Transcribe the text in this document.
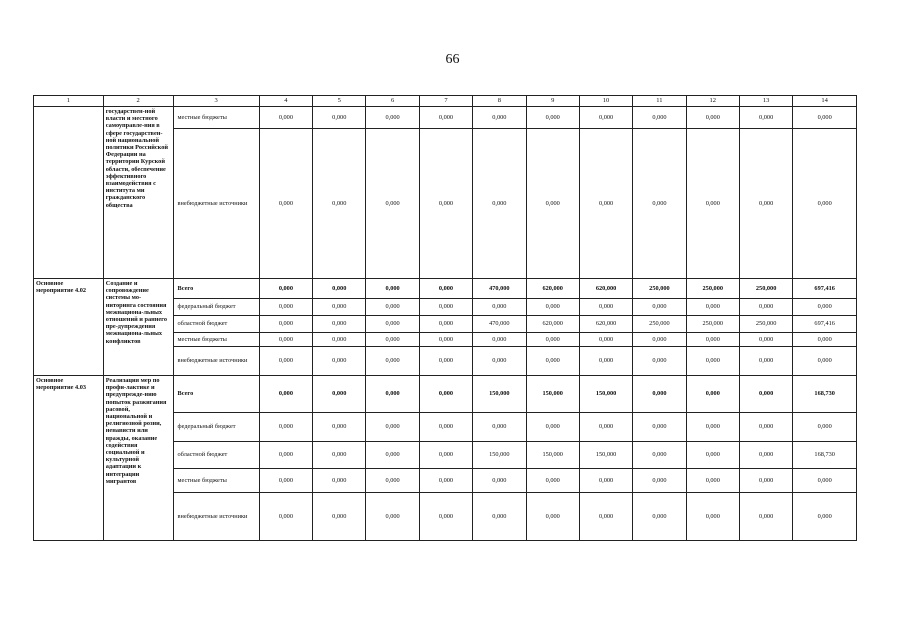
66
1	2	3	4	5	6	7	8	9	10	11	12	13	14
	государствен-ной власти и местного самоуправле-ния в сфере государствен-ной национальной политики Российской Федерации на территории Курской области, обеспечение эффективного взаимодействия с института ми гражданского общества	местные бюджеты	0,000	0,000	0,000	0,000	0,000	0,000	0,000	0,000	0,000	0,000	0,000
		внебюджетные источники	0,000	0,000	0,000	0,000	0,000	0,000	0,000	0,000	0,000	0,000	0,000
Основное мероприятие 4.02	Создание и сопровождение системы мо-ниторинга состояния межнациона-льных отношений и раннего пре-дупреждения межнациона-льных конфликтов	Всего	0,000	0,000	0,000	0,000	470,000	620,000	620,000	250,000	250,000	250,000	697,416
		федеральный бюджет	0,000	0,000	0,000	0,000	0,000	0,000	0,000	0,000	0,000	0,000	0,000
		областной бюджет	0,000	0,000	0,000	0,000	470,000	620,000	620,000	250,000	250,000	250,000	697,416
		местные бюджеты	0,000	0,000	0,000	0,000	0,000	0,000	0,000	0,000	0,000	0,000	0,000
		внебюджетные источники	0,000	0,000	0,000	0,000	0,000	0,000	0,000	0,000	0,000	0,000	0,000
Основное мероприятие 4.03	Реализация мер по профи-лактике и предупрежде-нию попыток разжигания расовой, национальной и религиозной розни, ненависти или вражды, оказание содействия социальной и культурной адаптации к интеграции мигрантов	Всего	0,000	0,000	0,000	0,000	150,000	150,000	150,000	0,000	0,000	0,000	168,730
		федеральный бюджет	0,000	0,000	0,000	0,000	0,000	0,000	0,000	0,000	0,000	0,000	0,000
		областной бюджет	0,000	0,000	0,000	0,000	150,000	150,000	150,000	0,000	0,000	0,000	168,730
		местные бюджеты	0,000	0,000	0,000	0,000	0,000	0,000	0,000	0,000	0,000	0,000	0,000
		внебюджетные источники	0,000	0,000	0,000	0,000	0,000	0,000	0,000	0,000	0,000	0,000	0,000
